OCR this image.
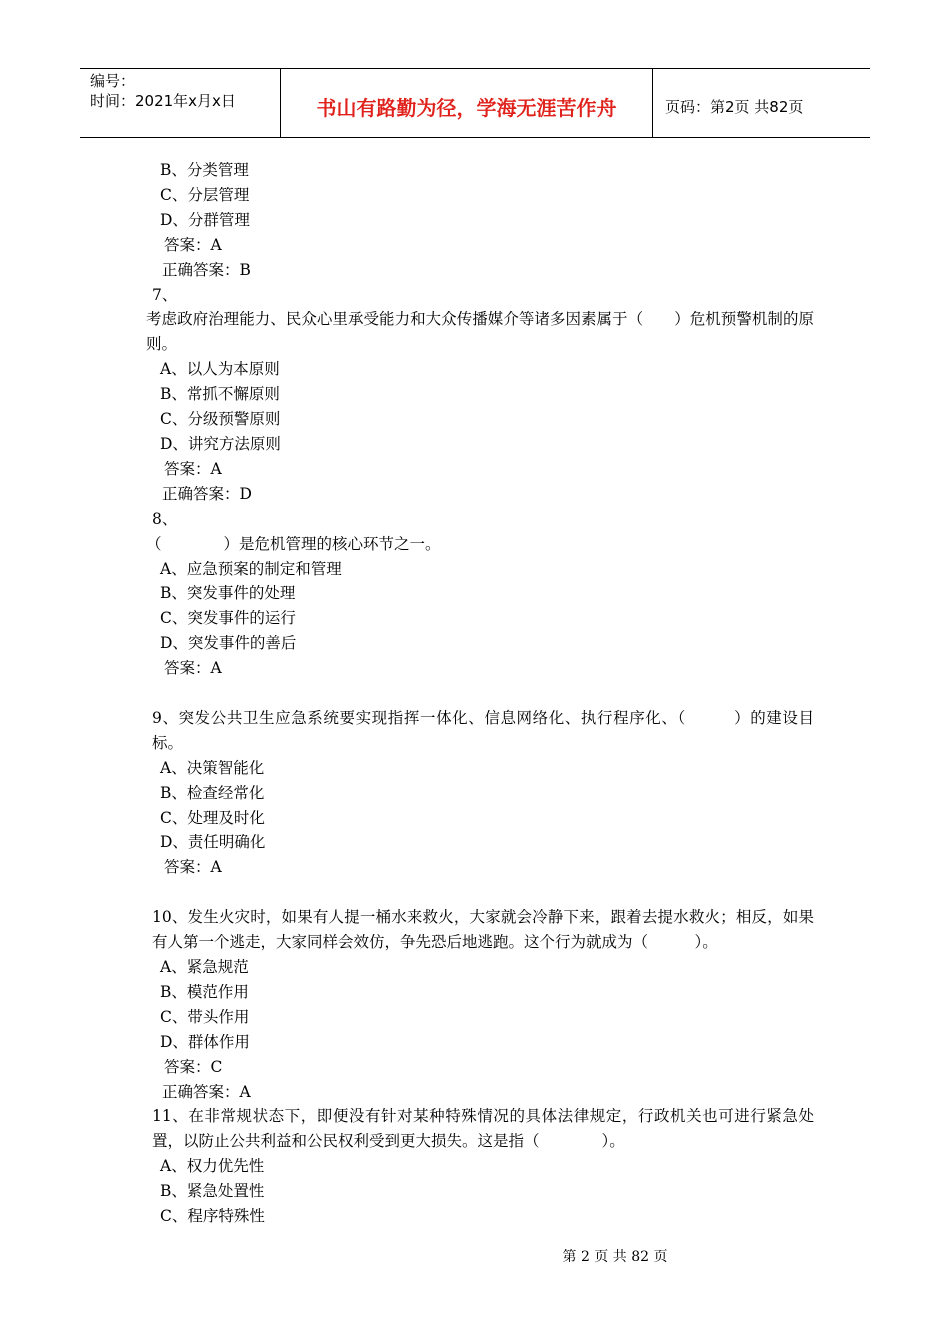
编号：
时间：2021年x月x日	书山有路勤为径，学海无涯苦作舟	页码：第2页 共82页
B、分类管理
C、分层管理
D、分群管理
答案：A
正确答案：B
7、
考虑政府治理能力、民众心里承受能力和大众传播媒介等诸多因素属于（　　）危机预警机制的原则。
A、以人为本原则
B、常抓不懈原则
C、分级预警原则
D、讲究方法原则
答案：A
正确答案：D
8、
（　　　　）是危机管理的核心环节之一。
A、应急预案的制定和管理
B、突发事件的处理
C、突发事件的运行
D、突发事件的善后
答案：A
9、突发公共卫生应急系统要实现指挥一体化、信息网络化、执行程序化、（　　　）的建设目标。
A、决策智能化
B、检查经常化
C、处理及时化
D、责任明确化
答案：A
10、发生火灾时，如果有人提一桶水来救火，大家就会冷静下来，跟着去提水救火；相反，如果有人第一个逃走，大家同样会效仿，争先恐后地逃跑。这个行为就成为（　　　）。
A、紧急规范
B、模范作用
C、带头作用
D、群体作用
答案：C
正确答案：A
11、在非常规状态下，即便没有针对某种特殊情况的具体法律规定，行政机关也可进行紧急处置，以防止公共利益和公民权利受到更大损失。这是指（　　　　）。
A、权力优先性
B、紧急处置性
C、程序特殊性
第 2 页 共 82 页
